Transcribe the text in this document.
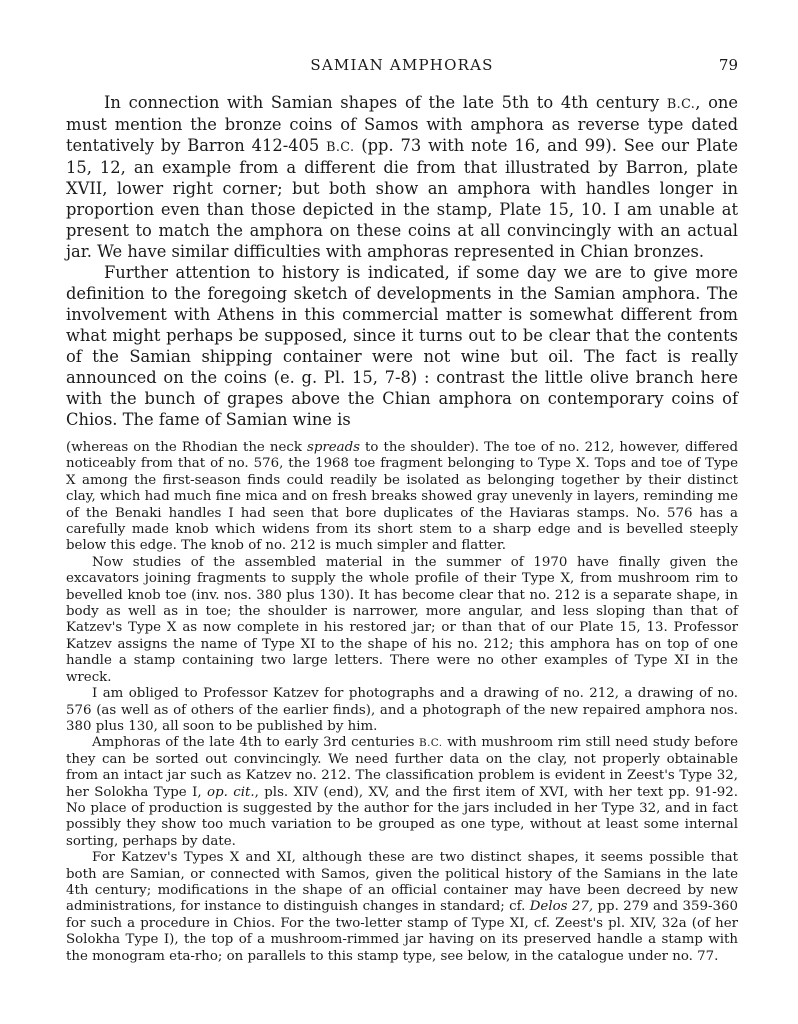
SAMIAN AMPHORAS	79

In connection with Samian shapes of the late 5th to 4th century B.C., one must mention the bronze coins of Samos with amphora as reverse type dated tentatively by Barron 412-405 B.C. (pp. 73 with note 16, and 99). See our Plate 15, 12, an example from a different die from that illustrated by Barron, plate XVII, lower right corner; but both show an amphora with handles longer in proportion even than those depicted in the stamp, Plate 15, 10. I am unable at present to match the amphora on these coins at all convincingly with an actual jar. We have similar difficulties with amphoras represented in Chian bronzes.

Further attention to history is indicated, if some day we are to give more definition to the foregoing sketch of developments in the Samian amphora. The involvement with Athens in this commercial matter is somewhat different from what might perhaps be supposed, since it turns out to be clear that the contents of the Samian shipping container were not wine but oil. The fact is really announced on the coins (e. g. Pl. 15, 7-8) : contrast the little olive branch here with the bunch of grapes above the Chian amphora on contemporary coins of Chios. The fame of Samian wine is

(whereas on the Rhodian the neck spreads to the shoulder). The toe of no. 212, however, differed noticeably from that of no. 576, the 1968 toe fragment belonging to Type X. Tops and toe of Type X among the first-season finds could readily be isolated as belonging together by their distinct clay, which had much fine mica and on fresh breaks showed gray unevenly in layers, reminding me of the Benaki handles I had seen that bore duplicates of the Haviaras stamps. No. 576 has a carefully made knob which widens from its short stem to a sharp edge and is bevelled steeply below this edge. The knob of no. 212 is much simpler and flatter.

Now studies of the assembled material in the summer of 1970 have finally given the excavators joining fragments to supply the whole profile of their Type X, from mushroom rim to bevelled knob toe (inv. nos. 380 plus 130). It has become clear that no. 212 is a separate shape, in body as well as in toe; the shoulder is narrower, more angular, and less sloping than that of Katzev's Type X as now complete in his restored jar; or than that of our Plate 15, 13. Professor Katzev assigns the name of Type XI to the shape of his no. 212; this amphora has on top of one handle a stamp containing two large letters. There were no other examples of Type XI in the wreck.

I am obliged to Professor Katzev for photographs and a drawing of no. 212, a drawing of no. 576 (as well as of others of the earlier finds), and a photograph of the new repaired amphora nos. 380 plus 130, all soon to be published by him.

Amphoras of the late 4th to early 3rd centuries B.C. with mushroom rim still need study before they can be sorted out convincingly. We need further data on the clay, not properly obtainable from an intact jar such as Katzev no. 212. The classification problem is evident in Zeest's Type 32, her Solokha Type I, op. cit., pls. XIV (end), XV, and the first item of XVI, with her text pp. 91-92. No place of production is suggested by the author for the jars included in her Type 32, and in fact possibly they show too much variation to be grouped as one type, without at least some internal sorting, perhaps by date.

For Katzev's Types X and XI, although these are two distinct shapes, it seems possible that both are Samian, or connected with Samos, given the political history of the Samians in the late 4th century; modifications in the shape of an official container may have been decreed by new administrations, for instance to distinguish changes in standard; cf. Delos 27, pp. 279 and 359-360 for such a procedure in Chios. For the two-letter stamp of Type XI, cf. Zeest's pl. XIV, 32a (of her Solokha Type I), the top of a mushroom-rimmed jar having on its preserved handle a stamp with the monogram eta-rho; on parallels to this stamp type, see below, in the catalogue under no. 77.
